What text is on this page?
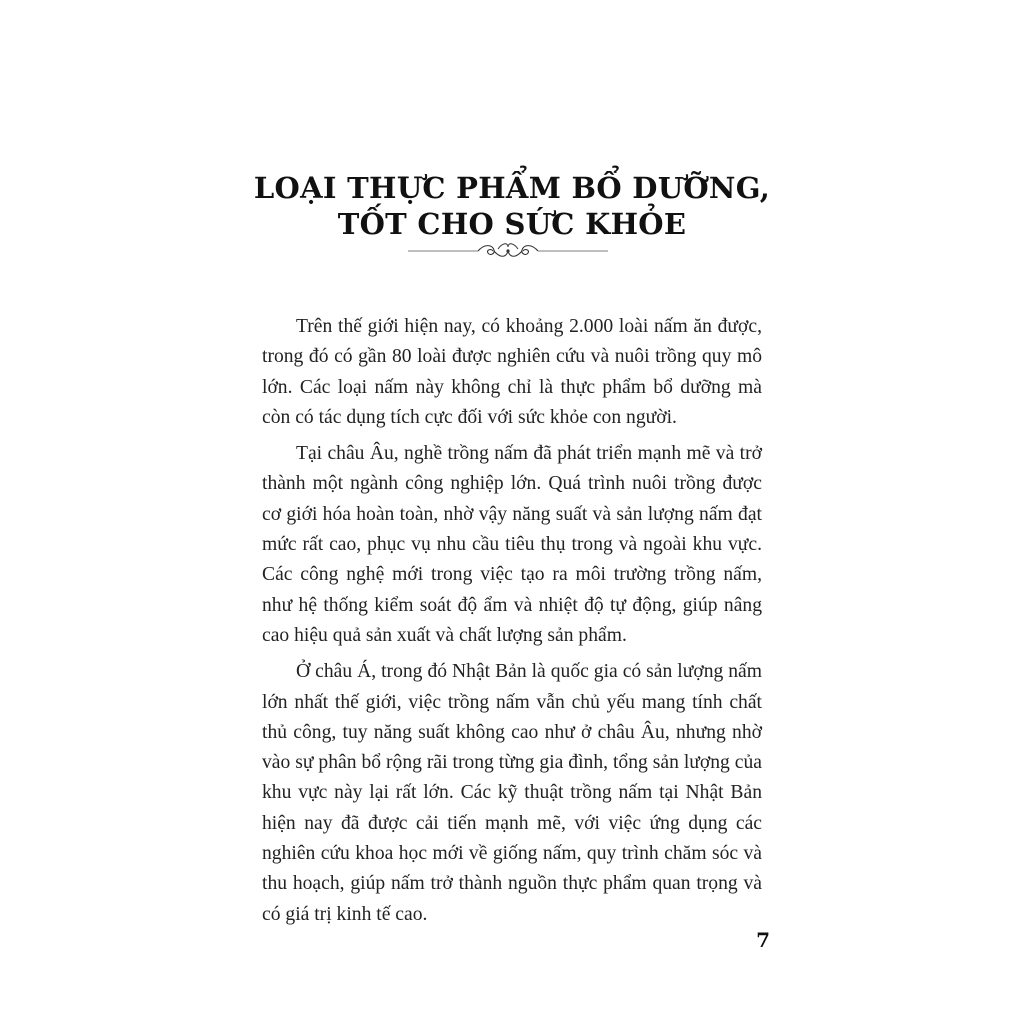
LOẠI THỰC PHẨM BỔ DƯỠNG,
TỐT CHO SỨC KHỎE

Trên thế giới hiện nay, có khoảng 2.000 loài nấm ăn được, trong đó có gần 80 loài được nghiên cứu và nuôi trồng quy mô lớn. Các loại nấm này không chỉ là thực phẩm bổ dưỡng mà còn có tác dụng tích cực đối với sức khỏe con người.

Tại châu Âu, nghề trồng nấm đã phát triển mạnh mẽ và trở thành một ngành công nghiệp lớn. Quá trình nuôi trồng được cơ giới hóa hoàn toàn, nhờ vậy năng suất và sản lượng nấm đạt mức rất cao, phục vụ nhu cầu tiêu thụ trong và ngoài khu vực. Các công nghệ mới trong việc tạo ra môi trường trồng nấm, như hệ thống kiểm soát độ ẩm và nhiệt độ tự động, giúp nâng cao hiệu quả sản xuất và chất lượng sản phẩm.

Ở châu Á, trong đó Nhật Bản là quốc gia có sản lượng nấm lớn nhất thế giới, việc trồng nấm vẫn chủ yếu mang tính chất thủ công, tuy năng suất không cao như ở châu Âu, nhưng nhờ vào sự phân bổ rộng rãi trong từng gia đình, tổng sản lượng của khu vực này lại rất lớn. Các kỹ thuật trồng nấm tại Nhật Bản hiện nay đã được cải tiến mạnh mẽ, với việc ứng dụng các nghiên cứu khoa học mới về giống nấm, quy trình chăm sóc và thu hoạch, giúp nấm trở thành nguồn thực phẩm quan trọng và có giá trị kinh tế cao.

7
